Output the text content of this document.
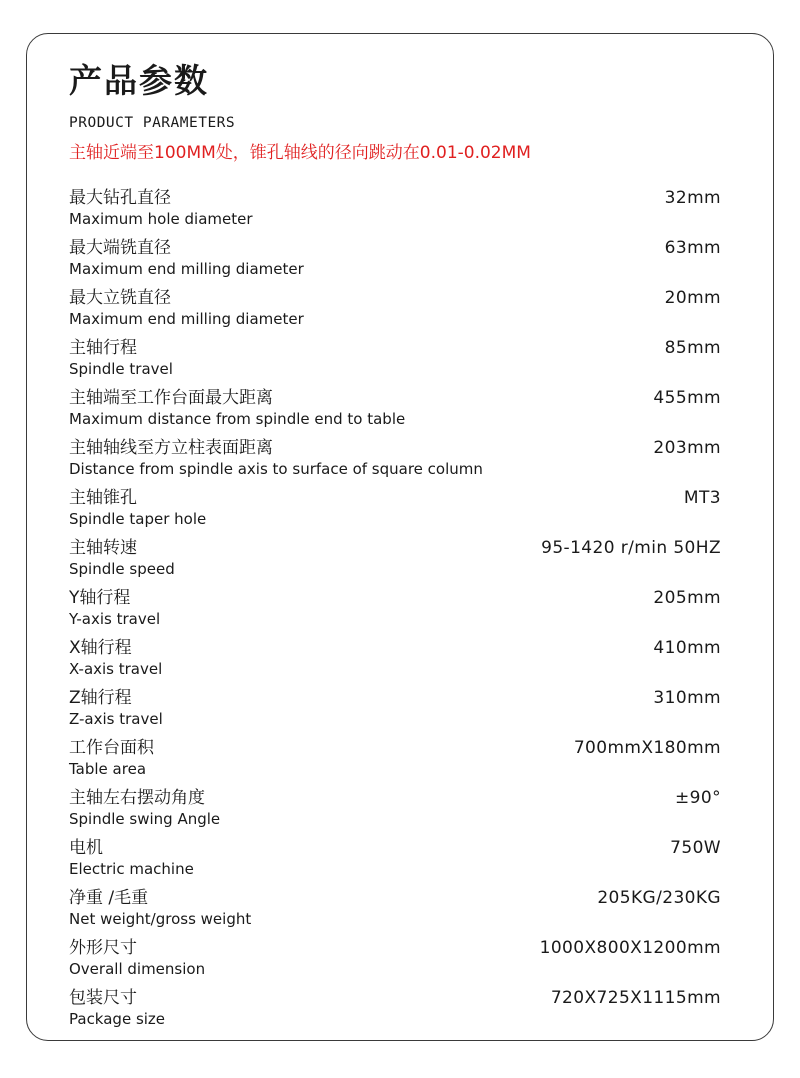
产品参数
PRODUCT PARAMETERS
主轴近端至100MM处，锥孔轴线的径向跳动在0.01-0.02MM
最大钻孔直径
Maximum hole diameter
32mm
最大端铣直径
Maximum end milling diameter
63mm
最大立铣直径
Maximum end milling diameter
20mm
主轴行程
Spindle travel
85mm
主轴端至工作台面最大距离
Maximum distance from spindle end to table
455mm
主轴轴线至方立柱表面距离
Distance from spindle axis to surface of square column
203mm
主轴锥孔
Spindle taper hole
MT3
主轴转速
Spindle speed
95-1420 r/min 50HZ
Y轴行程
Y-axis travel
205mm
X轴行程
X-axis travel
410mm
Z轴行程
Z-axis travel
310mm
工作台面积
Table area
700mmX180mm
主轴左右摆动角度
Spindle swing Angle
±90°
电机
Electric machine
750W
净重 /毛重
Net weight/gross weight
205KG/230KG
外形尺寸
Overall dimension
1000X800X1200mm
包装尺寸
Package size
720X725X1115mm
